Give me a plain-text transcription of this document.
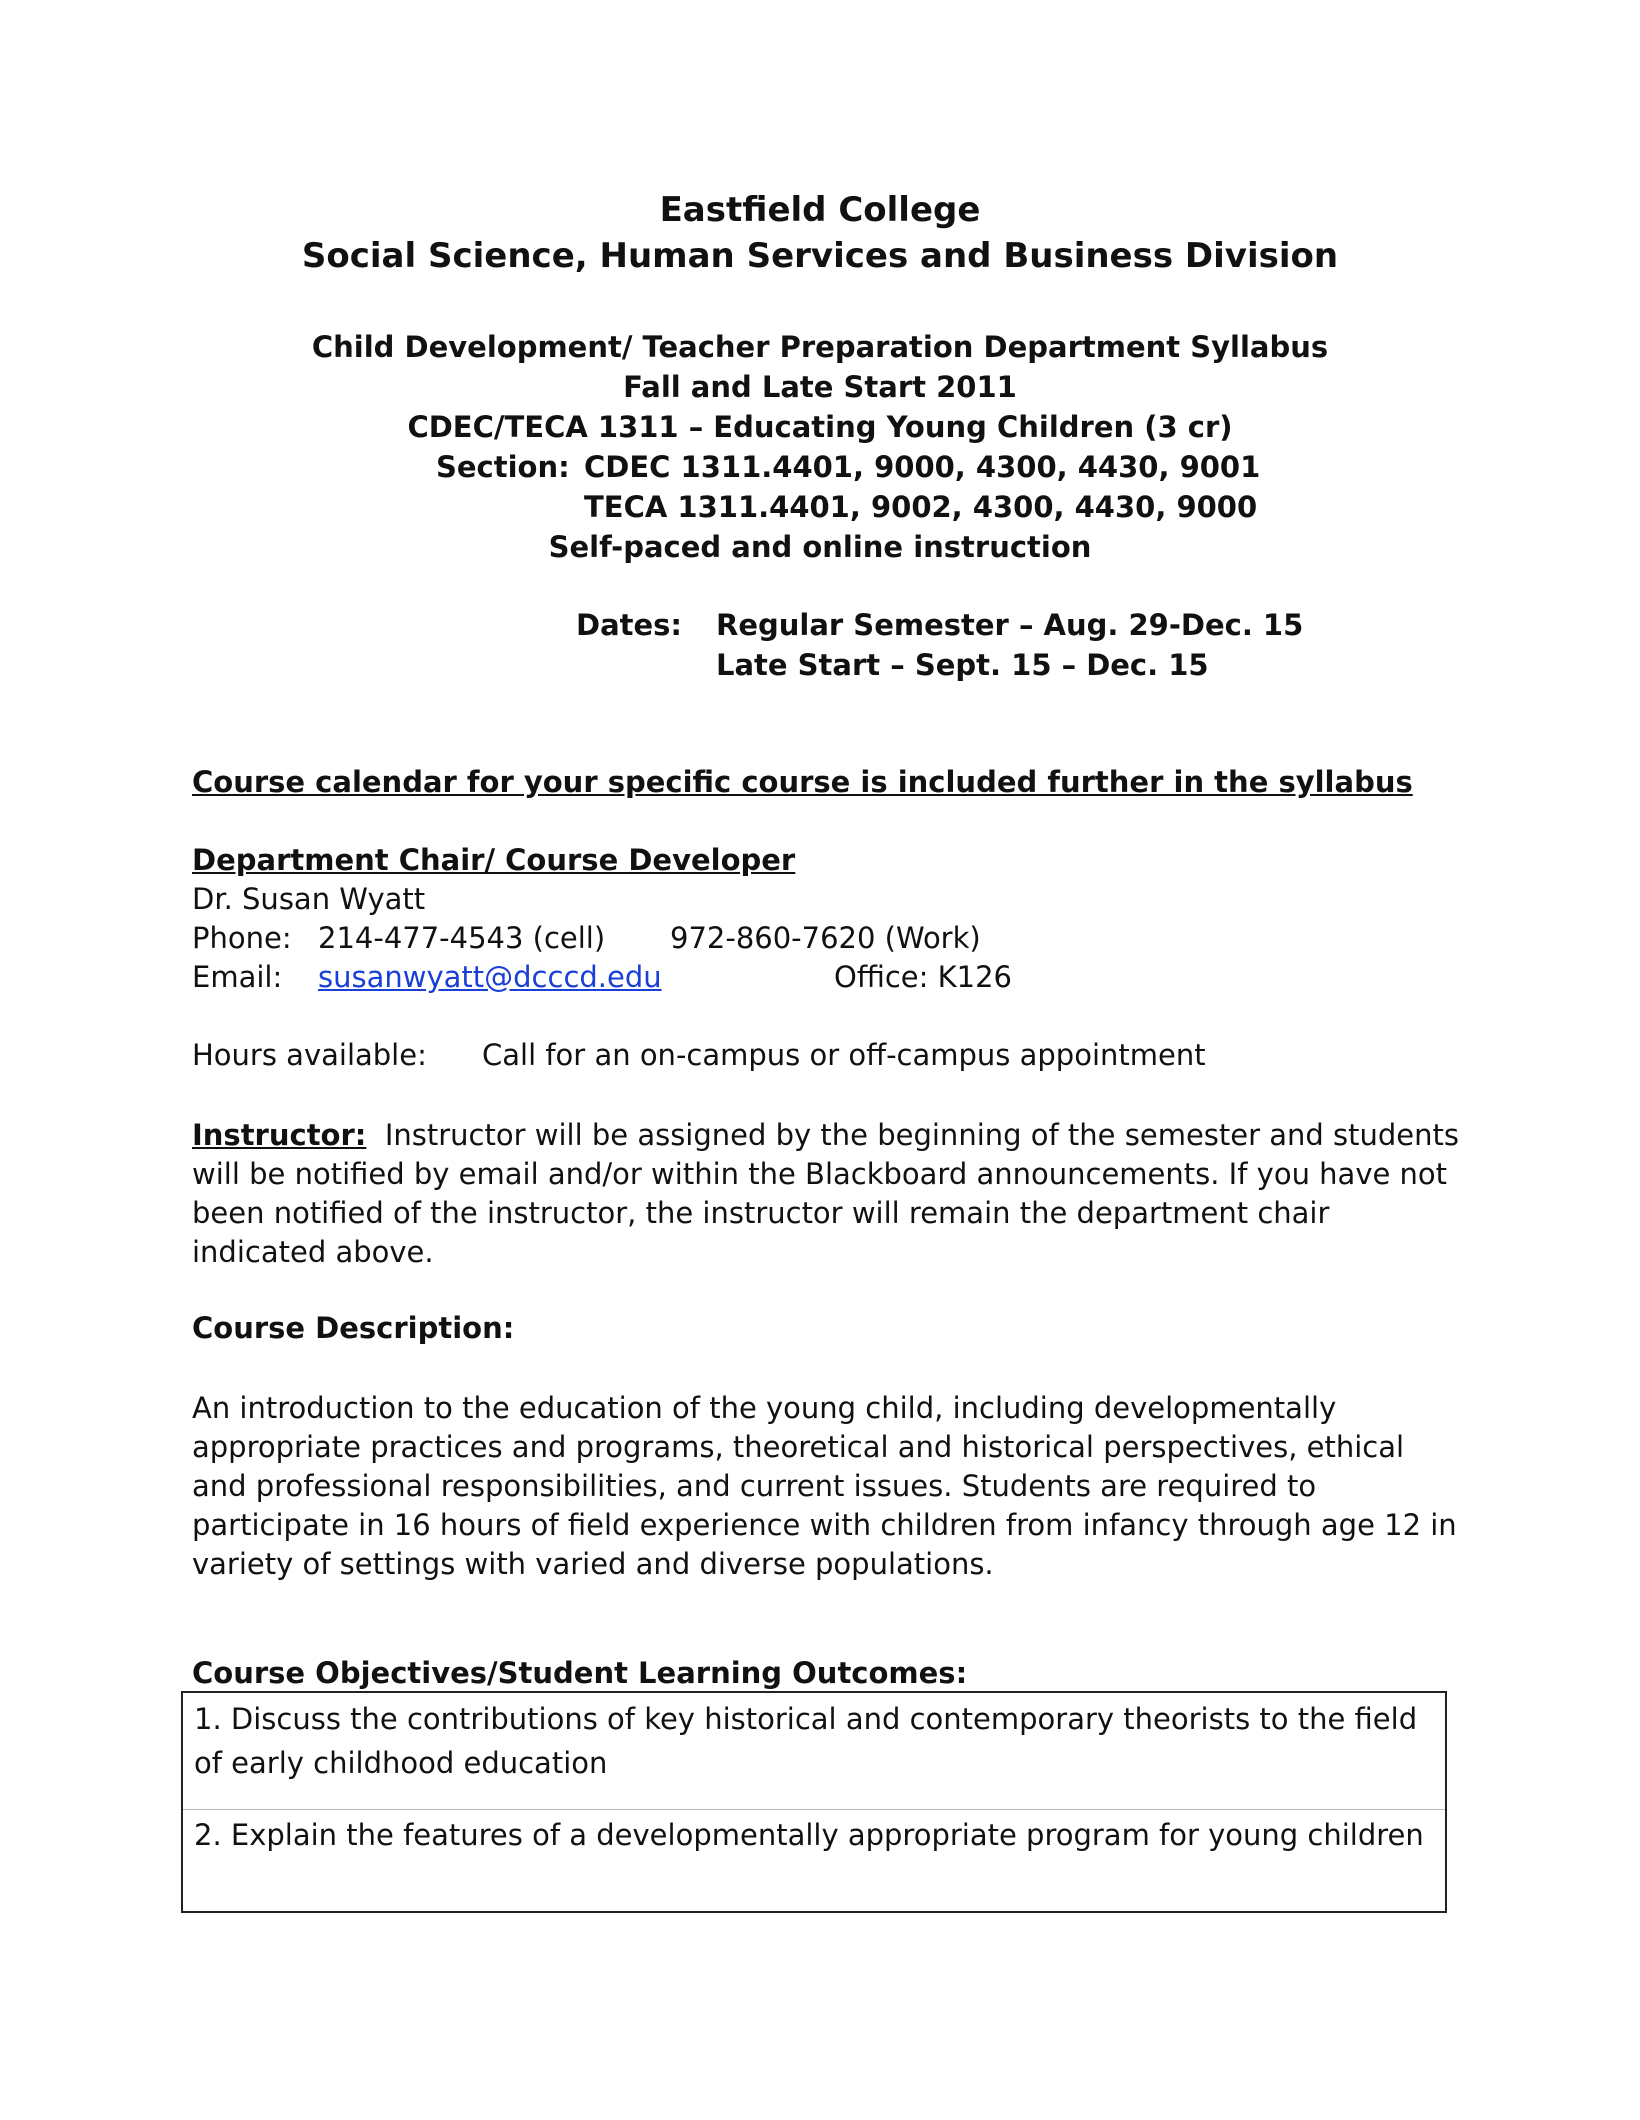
Eastfield College
Social Science, Human Services and Business Division
Child Development/ Teacher Preparation Department Syllabus
Fall and Late Start 2011
CDEC/TECA 1311 – Educating Young Children (3 cr)
Section: CDEC 1311.4401, 9000, 4300, 4430, 9001
TECA 1311.4401, 9002, 4300, 4430, 9000
Self-paced and online instruction
Dates: Regular Semester – Aug. 29-Dec. 15
Late Start – Sept. 15 – Dec. 15
Course calendar for your specific course is included further in the syllabus
Department Chair/ Course Developer
Dr. Susan Wyatt
Phone: 214-477-4543 (cell) 972-860-7620 (Work)
Email: susanwyatt@dcccd.edu	Office: K126
Hours available: Call for an on-campus or off-campus appointment
Instructor: Instructor will be assigned by the beginning of the semester and students will be notified by email and/or within the Blackboard announcements. If you have not been notified of the instructor, the instructor will remain the department chair indicated above.
Course Description:
An introduction to the education of the young child, including developmentally appropriate practices and programs, theoretical and historical perspectives, ethical and professional responsibilities, and current issues. Students are required to participate in 16 hours of field experience with children from infancy through age 12 in variety of settings with varied and diverse populations.
Course Objectives/Student Learning Outcomes:
1. Discuss the contributions of key historical and contemporary theorists to the field of early childhood education
2. Explain the features of a developmentally appropriate program for young children
